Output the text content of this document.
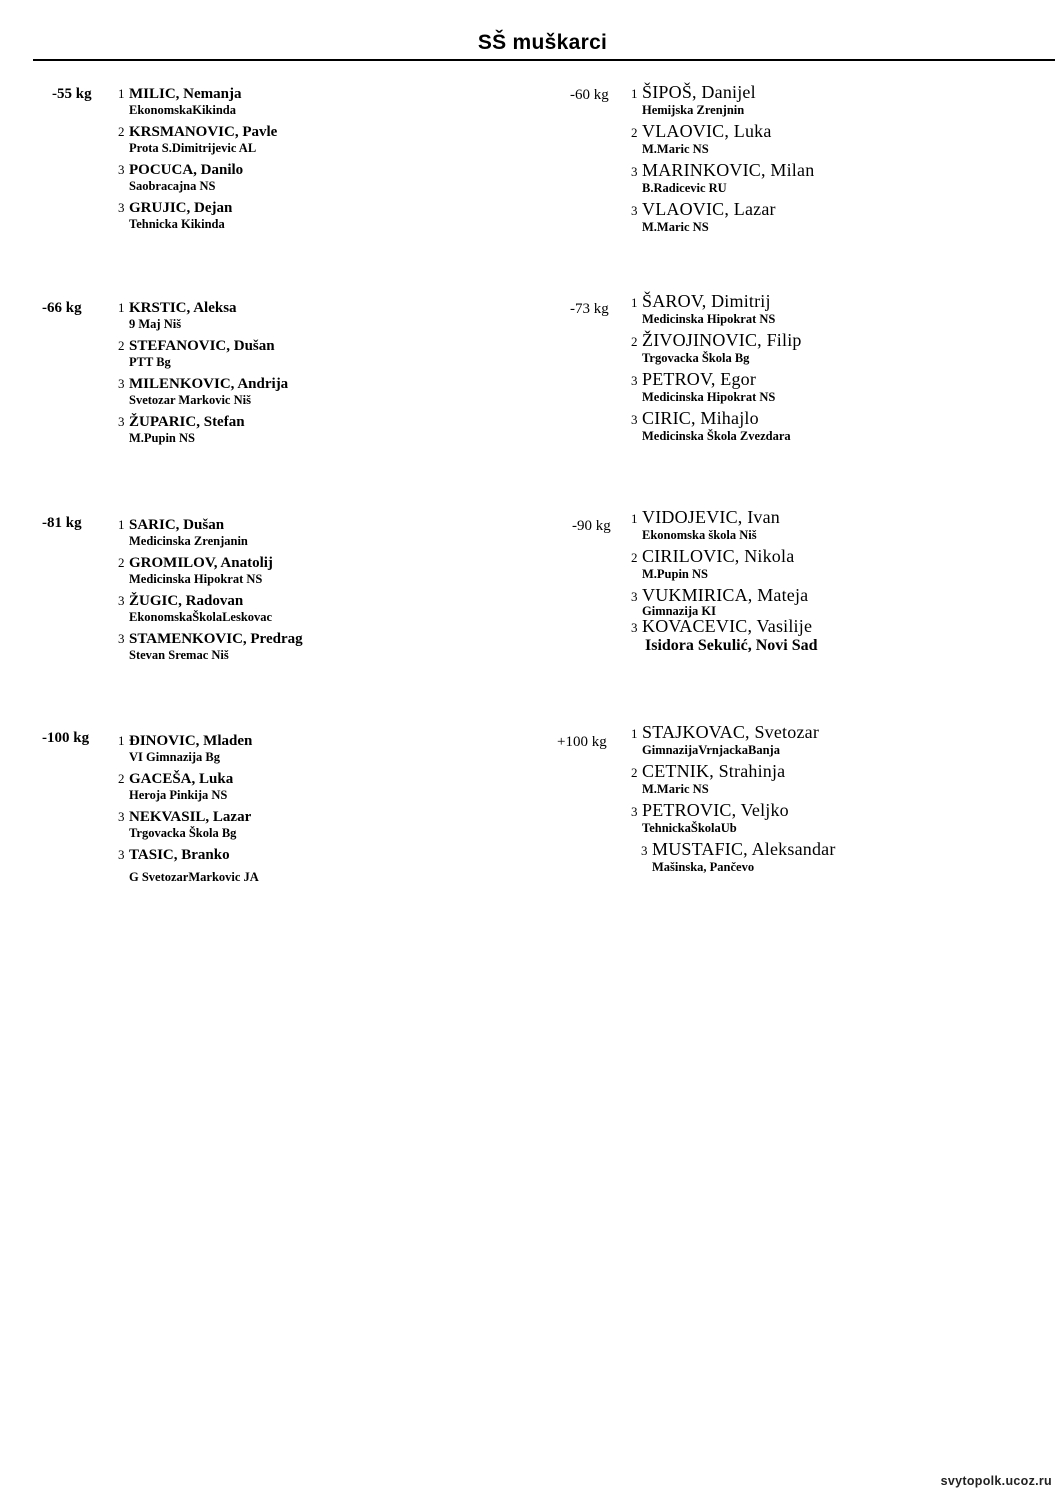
SŠ muškarci
-55 kg 1 MILIC, Nemanja
EkonomskaKikinda
2 KRSMANOVIC, Pavle
Prota S.Dimitrijevic AL
3 POCUCA, Danilo
Saobracajna NS
3 GRUJIC, Dejan
Tehnicka Kikinda
-60 kg 1 ŠIPOŠ, Danijel
Hemijska Zrenjnin
2 VLAOVIC, Luka
M.Maric NS
3 MARINKOVIC, Milan
B.Radicevic RU
3 VLAOVIC, Lazar
M.Maric NS
-66 kg	1 KRSTIC, Aleksa
9 Maj Niš
2 STEFANOVIC, Dušan
PTT Bg
3 MILENKOVIC, Andrija
Svetozar Markovic Niš
3 ŽUPARIC, Stefan
M.Pupin NS
-73 kg 1 ŠAROV, Dimitrij
Medicinska Hipokrat NS
2 ŽIVOJINOVIC, Filip
Trgovacka Škola Bg
3 PETROV, Egor
Medicinska Hipokrat NS
3 CIRIC, Mihajlo
Medicinska Škola Zvezdara
-81 kg	1 SARIC, Dušan
Medicinska Zrenjanin
2 GROMILOV, Anatolij
Medicinska Hipokrat NS
3 ŽUGIC, Radovan
EkonomskaŠkolaLeskovac
3 STAMENKOVIC, Predrag
Stevan Sremac Niš
-90 kg 1 VIDOJEVIC, Ivan
Ekonomska škola Niš
2 CIRILOVIC, Nikola
M.Pupin NS
3 VUKMIRICA, Mateja
Gimnazija KI
3 KOVACEVIC, Vasilije
Isidora Sekulić, Novi Sad
-100 kg 1 ĐINOVIC, Mladen
VI Gimnazija Bg
2 GACEŠA, Luka
Heroja Pinkija NS
3 NEKVASIL, Lazar
Trgovacka Škola Bg
3 TASIC, Branko
G SvetozarMarkovic JA
+100 kg
1 STAJKOVAC, Svetozar
GimnazijaVrnjackaBanja
2 CETNIK, Strahinja
M.Maric NS
3 PETROVIC, Veljko
TehnickaŠkolaUb
3 MUSTAFIC, Aleksandar
Mašinska, Pančevo
svytopolk.ucoz.ru
